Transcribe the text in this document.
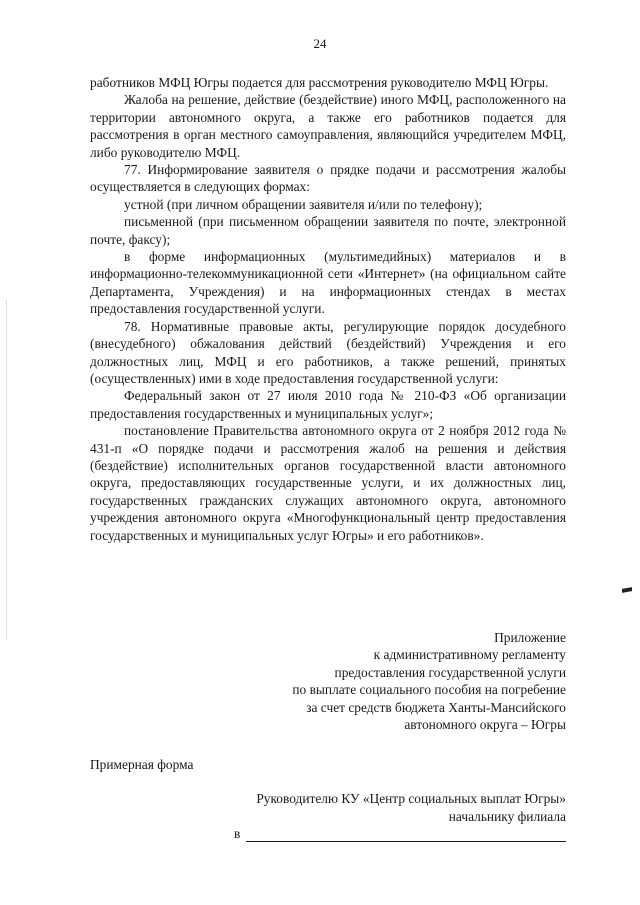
24

работников МФЦ Югры подается для рассмотрения руководителю МФЦ Югры.

Жалоба на решение, действие (бездействие) иного МФЦ, расположенного на территории автономного округа, а также его работников подается для рассмотрения в орган местного самоуправления, являющийся учредителем МФЦ, либо руководителю МФЦ.

77. Информирование заявителя о прядке подачи и рассмотрения жалобы осуществляется в следующих формах:

устной (при личном обращении заявителя и/или по телефону);

письменной (при письменном обращении заявителя по почте, электронной почте, факсу);

в форме информационных (мультимедийных) материалов и в информационно-телекоммуникационной сети «Интернет» (на официальном сайте Департамента, Учреждения) и на информационных стендах в местах предоставления государственной услуги.

78. Нормативные правовые акты, регулирующие порядок досудебного (внесудебного) обжалования действий (бездействий) Учреждения и его должностных лиц, МФЦ и его работников, а также решений, принятых (осуществленных) ими в ходе предоставления государственной услуги:

Федеральный закон от 27 июля 2010 года № 210-ФЗ «Об организации предоставления государственных и муниципальных услуг»;

постановление Правительства автономного округа от 2 ноября 2012 года № 431-п «О порядке подачи и рассмотрения жалоб на решения и действия (бездействие) исполнительных органов государственной власти автономного округа, предоставляющих государственные услуги, и их должностных лиц, государственных гражданских служащих автономного округа, автономного учреждения автономного округа «Многофункциональный центр предоставления государственных и муниципальных услуг Югры» и его работников».

Приложение
к административному регламенту
предоставления государственной услуги
по выплате социального пособия на погребение
за счет средств бюджета Ханты-Мансийского
автономного округа – Югры
Примерная форма
Руководителю КУ «Центр социальных выплат Югры»
начальнику филиала
в
